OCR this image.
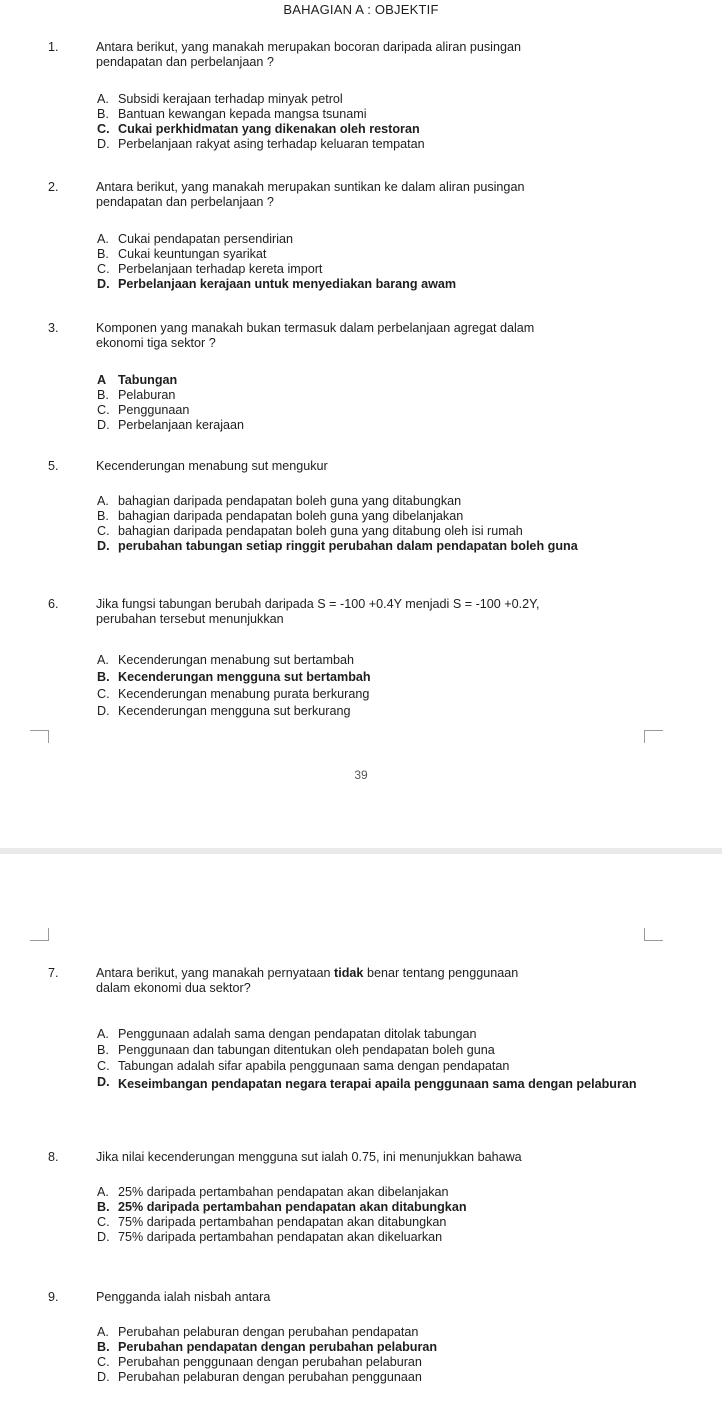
BAHAGIAN A : OBJEKTIF
1.	Antara berikut, yang manakah merupakan bocoran daripada aliran pusingan
pendapatan dan perbelanjaan ?
A. Subsidi kerajaan terhadap minyak petrol
B. Bantuan kewangan kepada mangsa tsunami
C. Cukai perkhidmatan yang dikenakan oleh restoran
D. Perbelanjaan rakyat asing terhadap keluaran tempatan
2.	Antara berikut, yang manakah merupakan suntikan ke dalam aliran pusingan
pendapatan dan perbelanjaan ?
A. Cukai pendapatan persendirian
B. Cukai keuntungan syarikat
C. Perbelanjaan terhadap kereta import
D. Perbelanjaan kerajaan untuk menyediakan barang awam
3.	Komponen yang manakah bukan termasuk dalam perbelanjaan agregat dalam
ekonomi tiga sektor ?
A Tabungan
B. Pelaburan
C. Penggunaan
D. Perbelanjaan kerajaan
5.	Kecenderungan menabung sut mengukur
A. bahagian daripada pendapatan boleh guna yang ditabungkan
B. bahagian daripada pendapatan boleh guna yang dibelanjakan
C. bahagian daripada pendapatan boleh guna yang ditabung oleh isi rumah
D. perubahan tabungan setiap ringgit perubahan dalam pendapatan boleh guna
6.	Jika fungsi tabungan berubah daripada S = -100 +0.4Y menjadi S = -100 +0.2Y,
perubahan tersebut menunjukkan
A. Kecenderungan menabung sut bertambah
B. Kecenderungan mengguna sut bertambah
C. Kecenderungan menabung purata berkurang
D. Kecenderungan mengguna sut berkurang
39
7.	Antara berikut, yang manakah pernyataan tidak benar tentang penggunaan
dalam ekonomi dua sektor?
A. Penggunaan adalah sama dengan pendapatan ditolak tabungan
B. Penggunaan dan tabungan ditentukan oleh pendapatan boleh guna
C. Tabungan adalah sifar apabila penggunaan sama dengan pendapatan
D. Keseimbangan pendapatan negara terapai apaila penggunaan sama dengan pelaburan
8.	Jika nilai kecenderungan mengguna sut ialah 0.75, ini menunjukkan bahawa
A. 25% daripada pertambahan pendapatan akan dibelanjakan
B. 25% daripada pertambahan pendapatan akan ditabungkan
C. 75% daripada pertambahan pendapatan akan ditabungkan
D. 75% daripada pertambahan pendapatan akan dikeluarkan
9.	Pengganda ialah nisbah antara
A. Perubahan pelaburan dengan perubahan pendapatan
B. Perubahan pendapatan dengan perubahan pelaburan
C. Perubahan penggunaan dengan perubahan pelaburan
D. Perubahan pelaburan dengan perubahan penggunaan
